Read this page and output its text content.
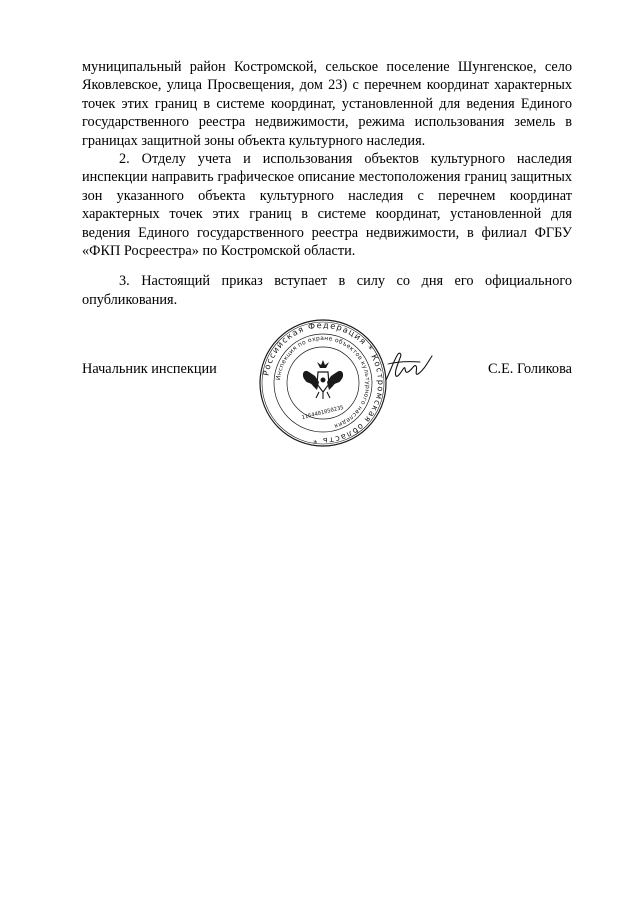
муниципальный район Костромской, сельское поселение Шунгенское, село Яковлевское, улица Просвещения, дом 23) с перечнем координат характерных точек этих границ в системе координат, установленной для ведения Единого государственного реестра недвижимости, режима использования земель в границах защитной зоны объекта культурного наследия.

2. Отделу учета и использования объектов культурного наследия инспекции направить графическое описание местоположения границ защитных зон указанного объекта культурного наследия с перечнем координат характерных точек этих границ в системе координат, установленной для ведения Единого государственного реестра недвижимости, в филиал ФГБУ «ФКП Росреестра» по Костромской области.

3. Настоящий приказ вступает в силу со дня его официального опубликования.

Российская Федерация * Костромская область *
Инспекция по охране объектов культурного наследия
1164401050235
Начальник инспекции	С.Е. Голикова
